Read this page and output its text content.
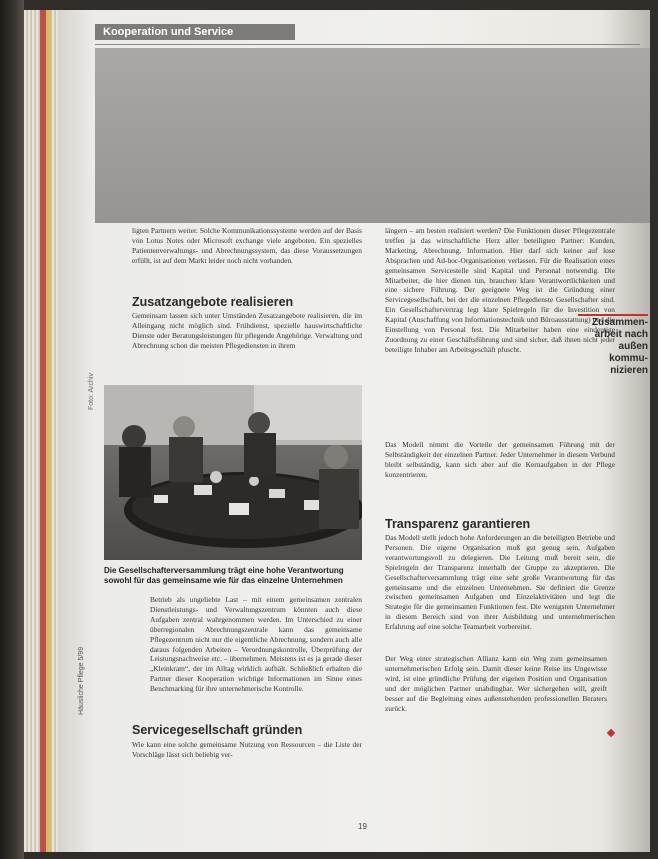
Kooperation und Service
ligten Partnern weiter. Solche Kommunikationssysteme werden auf der Basis von Lotus Notes oder Microsoft exchange viele angeboten. Ein spezielles Patientenverwaltungs- und Abrechnungssystem, das diese Voraussetzungen erfüllt, ist auf dem Markt leider noch nicht vorhanden.
Zusatzangebote realisieren
Gemeinsam lassen sich unter Umständen Zusatzangebote realisieren, die im Alleingang nicht möglich sind. Frühdienst, spezielle hauswirtschaftliche Dienste oder Beratungsleistungen für pflegende Angehörige. Verwaltung und Abrechnung schon die meisten Pflegediensten in ihrem
Foto: Archiv
Die Gesellschafterversammlung trägt eine hohe Verantwortung sowohl für das gemeinsame wie für das einzelne Unternehmen
Betrieb als ungeliebte Last – mit einem gemeinsamen zentralen Dienstleistungs- und Verwaltungszentrum könnten auch diese Aufgaben zentral wahrgenommen werden. Im Unterschied zu einer überregionalen Abrechnungszentrale kann das gemeinsame Pflegezentrum nicht nur die eigentliche Abrechnung, sondern auch alle daraus folgenden Arbeiten – Verordnungskontrolle, Überprüfung der Leistungsnachweise etc. – übernehmen. Meistens ist es ja gerade dieser „Kleinkram“, der im Alltag wirklich aufhält. Schließlich erhalten die Partner dieser Kooperation wichtige Informationen im Sinne eines Benchmarking für ihre unternehmerische Kontrolle.
Servicegesellschaft gründen
Wie kann eine solche gemeinsame Nutzung von Ressourcen – die Liste der Vorschläge lässt sich beliebig ver-
Häusliche Pflege 5/99
längern – am besten realisiert werden? Die Funktionen dieser Pflegezentrale treffen ja das wirtschaftliche Herz aller beteiligten Partner: Kunden, Marketing, Abrechnung, Information. Hier darf sich keiner auf lose Absprachen und Ad-hoc-Organisationen verlassen. Für die Realisation eines gemeinsamen Servicestelle sind Kapital und Personal notwendig. Die Mitarbeiter, die hier dienen tun, brauchen klare Verantwortlichkeiten und eine sichere Führung. Der geeignete Weg ist die Gründung einer Servicegesellschaft, bei der die einzelnen Pflegedienste Gesellschafter sind. Ein Gesellschaftervertrag legt klare Spielregeln für die Investition von Kapital (Anschaffung von Informationstechnik und Büroausstattung) und die Einstellung von Personal fest. Die Mitarbeiter haben eine eindeutige Zuordnung zu einer Geschäftsführung und sind sicher, daß ihnen nicht jeder beteiligte Inhaber am Arbeitsgeschäft pfuscht.
Das Modell nimmt die Vorteile der gemeinsamen Führung mit der Selbständigkeit der einzelnen Partner. Jeder Unternehmer in diesem Verbund bleibt selbständig, kann sich aber auf die Kernaufgaben in der Pflege konzentrieren.
Transparenz garantieren
Das Modell stellt jedoch hohe Anforderungen an die beteiligten Betriebe und Personen. Die eigene Organisation muß gut genug sein, Aufgaben verantwortungsvoll zu delegieren. Die Leitung muß bereit sein, die Spielregeln der Transparenz innerhalb der Gruppe zu akzeptieren. Die Gesellschafterversammlung trägt eine sehr große Verantwortung für das gemeinsame und die einzelnen Unternehmen. Sie definiert die Grenze zwischen gemeinsamen Aufgaben und Einzelaktivitäten und legt die Strategie für die gemeinsamen Funktionen fest. Die wenigsten Unternehmer in diesem Bereich sind von ihrer Ausbildung und unternehmerischen Erfahrung auf eine solche Teamarbeit vorbereitet.
Der Weg einer strategischen Allianz kann ein Weg zum gemeinsamen unternehmerischen Erfolg sein. Damit dieser keine Reise ins Ungewisse wird, ist eine gründliche Prüfung der eigenen Position und Organisation und der möglichen Partner unabdingbar. Wer sichergehen will, greift besser auf die Begleitung eines außenstehenden professionellen Beraters zurück.
Zusammen-
arbeit nach
außen kommu-
nizieren
19
